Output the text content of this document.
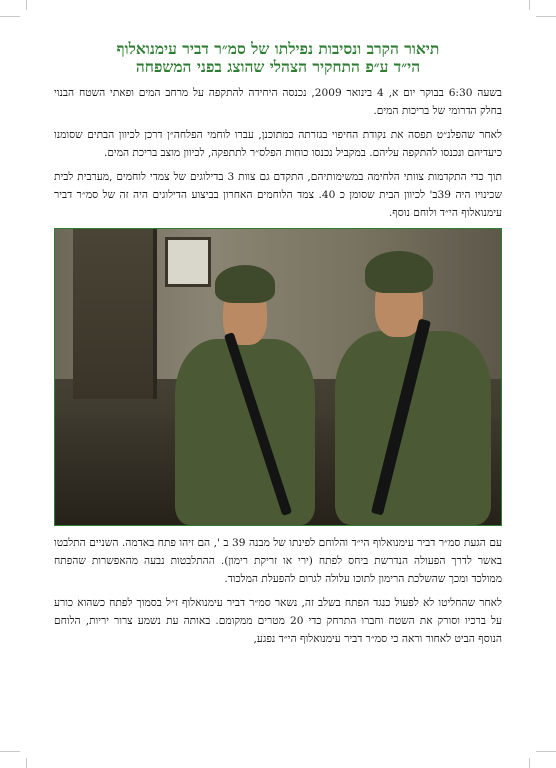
תיאור הקרב ונסיבות נפילתו של סמ״ר דביר עימנואלוף
הי״ד ע״פ התחקיר הצהלי שהוצג בפני המשפחה

בשעה 6:30 בבוקר יום א, 4 בינואר 2009, נכנסה היחידה להתקפה על מרחב המים ופאתי השטח הבנוי בחלק הדרומי של בריכות המים.

לאחר שהפלנ״ט תפסה את נקודת החיפוי בגזרתה כמתוכנן, עברו לוחמי הפלחה״ן דרכן לכיוון הבתים שסומנו כיעדיהם ונכנסו להתקפה עליהם. במקביל נכנסו כוחות הפלס״ר לתתפקה, לכיוון מוצב בריכת המים.

תוך כדי התקדמות צוותי הלחימה במשימותיהם, התקדם גם צוות 3 בדילוגים של צמדי לוחמים ,מערבית לבית שכינויו היה 39ב' לכיוון הבית שסומן כ 40. צמד הלוחמים האחרון בביצוע הדילוגים היה זה של סמ״ר דביר עימנואלוף הי״ד ולוחם נוסף.

עם הגעת סמ״ר דביר עימנואלוף הי״ד והלוחם לפינתו של מבנה 39 ב ', הם זיהו פתח באדמה. השניים התלבטו באשר לדרך הפעולה הנדרשת ביחס לפתח (ירי או זריקת רימון). ההתלבטות נבעה מהאפשרות שהפתח ממולכד ומכך שהשלכת הרימון לתוכו עלולה לגרום להפעלת המלכוד.

לאחר שהחליטו לא לפעול כנגד הפתח בשלב זה, נשאר סמ״ר דביר עימנואלוף ז״ל בסמוך לפתח כשהוא כורע על ברכיו וסורק את השטח וחברו התרחק כדי 20 מטרים ממקומם. באותה עת נשמע צרור יריות, הלוחם הנוסף הביט לאחור וראה כי סמ״ר דביר עימנואלוף הי״ד נפגע,
